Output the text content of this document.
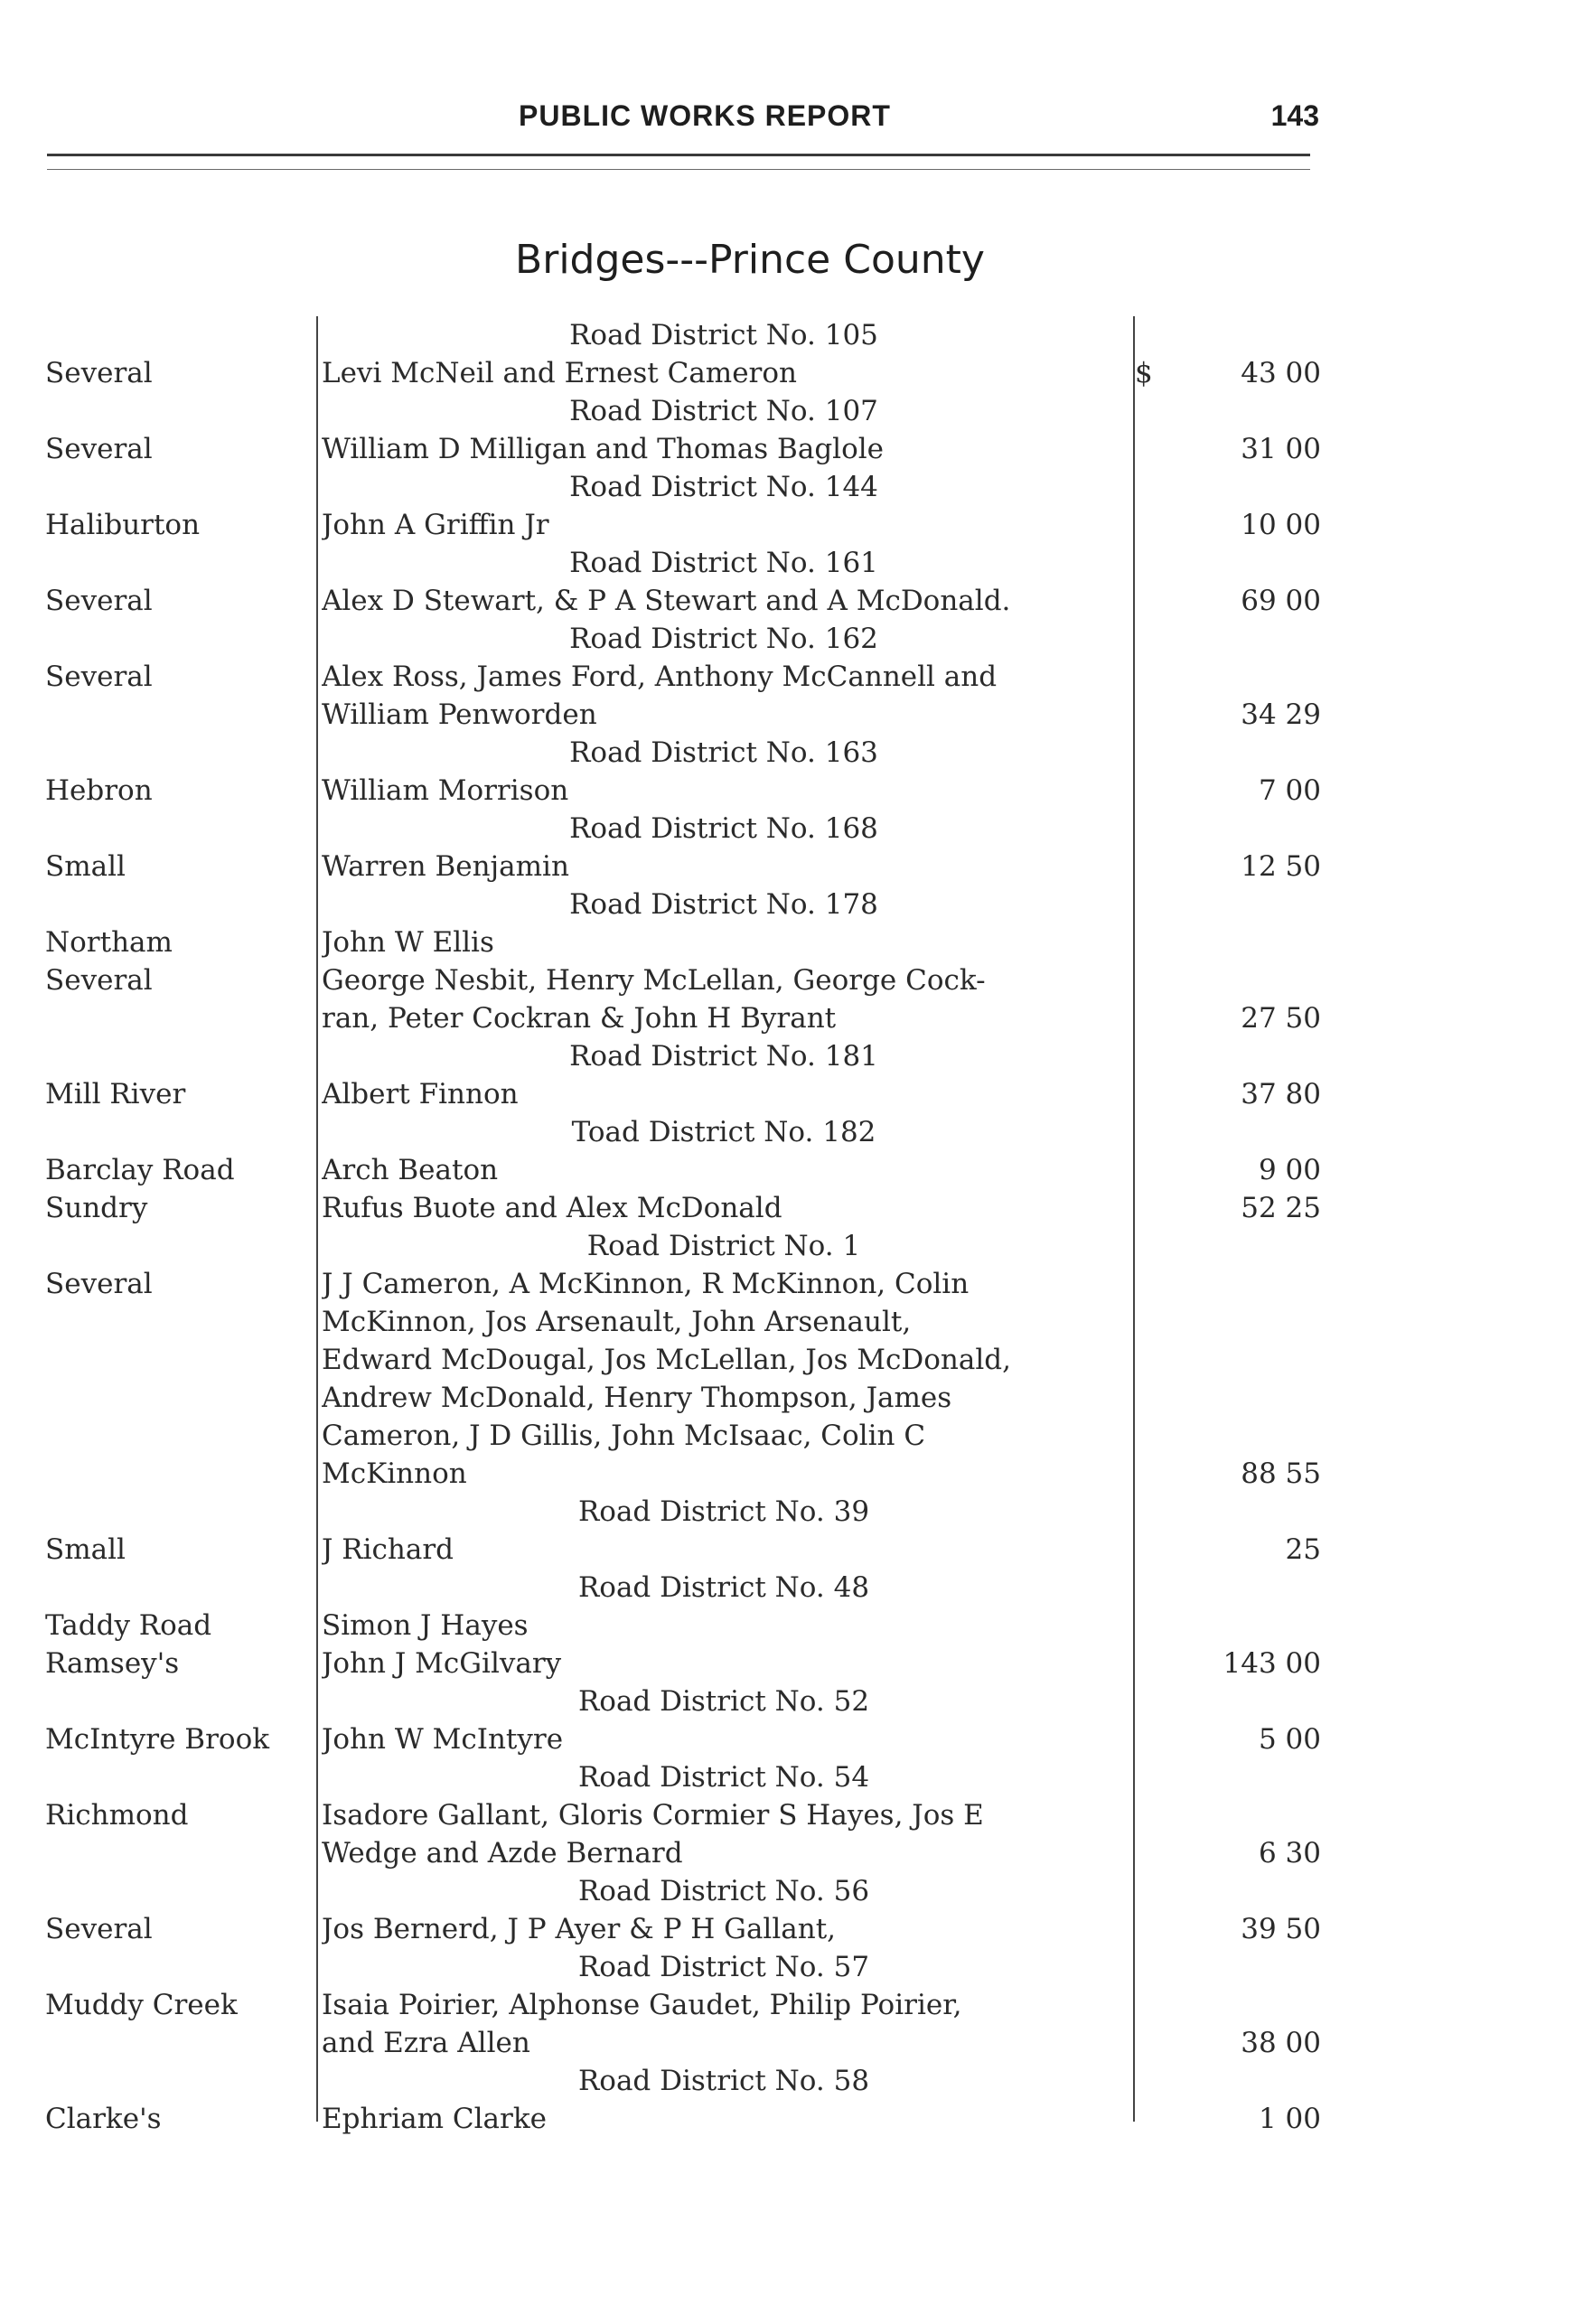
PUBLIC WORKS REPORT	143
Bridges---Prince County
Road District No. 105
Several	Levi McNeil and Ernest Cameron	$	43 00
Road District No. 107
Several	William D Milligan and Thomas Baglole	31 00
Road District No. 144
Haliburton	John A Griffin Jr	10 00
Road District No. 161
Several	Alex D Stewart, & P A Stewart and A McDonald.	69 00
Road District No. 162
Several	Alex Ross, James Ford, Anthony McCannell and
William Penworden	34 29
Road District No. 163
Hebron	William Morrison	7 00
Road District No. 168
Small	Warren Benjamin	12 50
Road District No. 178
Northam	John W Ellis
Several	George Nesbit, Henry McLellan, George Cock-
ran, Peter Cockran & John H Byrant	27 50
Road District No. 181
Mill River	Albert Finnon	37 80
Toad District No. 182
Barclay Road	Arch Beaton	9 00
Sundry	Rufus Buote and Alex McDonald	52 25
Road District No. 1
Several	J J Cameron, A McKinnon, R McKinnon, Colin
McKinnon, Jos Arsenault, John Arsenault,
Edward McDougal, Jos McLellan, Jos McDonald,
Andrew McDonald, Henry Thompson, James
Cameron, J D Gillis, John McIsaac, Colin C
McKinnon	88 55
Road District No. 39
Small	J Richard	25
Road District No. 48
Taddy Road	Simon J Hayes
Ramsey's	John J McGilvary	143 00
Road District No. 52
McIntyre Brook	John W McIntyre	5 00
Road District No. 54
Richmond	Isadore Gallant, Gloris Cormier S Hayes, Jos E
Wedge and Azde Bernard	6 30
Road District No. 56
Several	Jos Bernerd, J P Ayer & P H Gallant,	39 50
Road District No. 57
Muddy Creek	Isaia Poirier, Alphonse Gaudet, Philip Poirier,
and Ezra Allen	38 00
Road District No. 58
Clarke's	Ephriam Clarke	1 00
